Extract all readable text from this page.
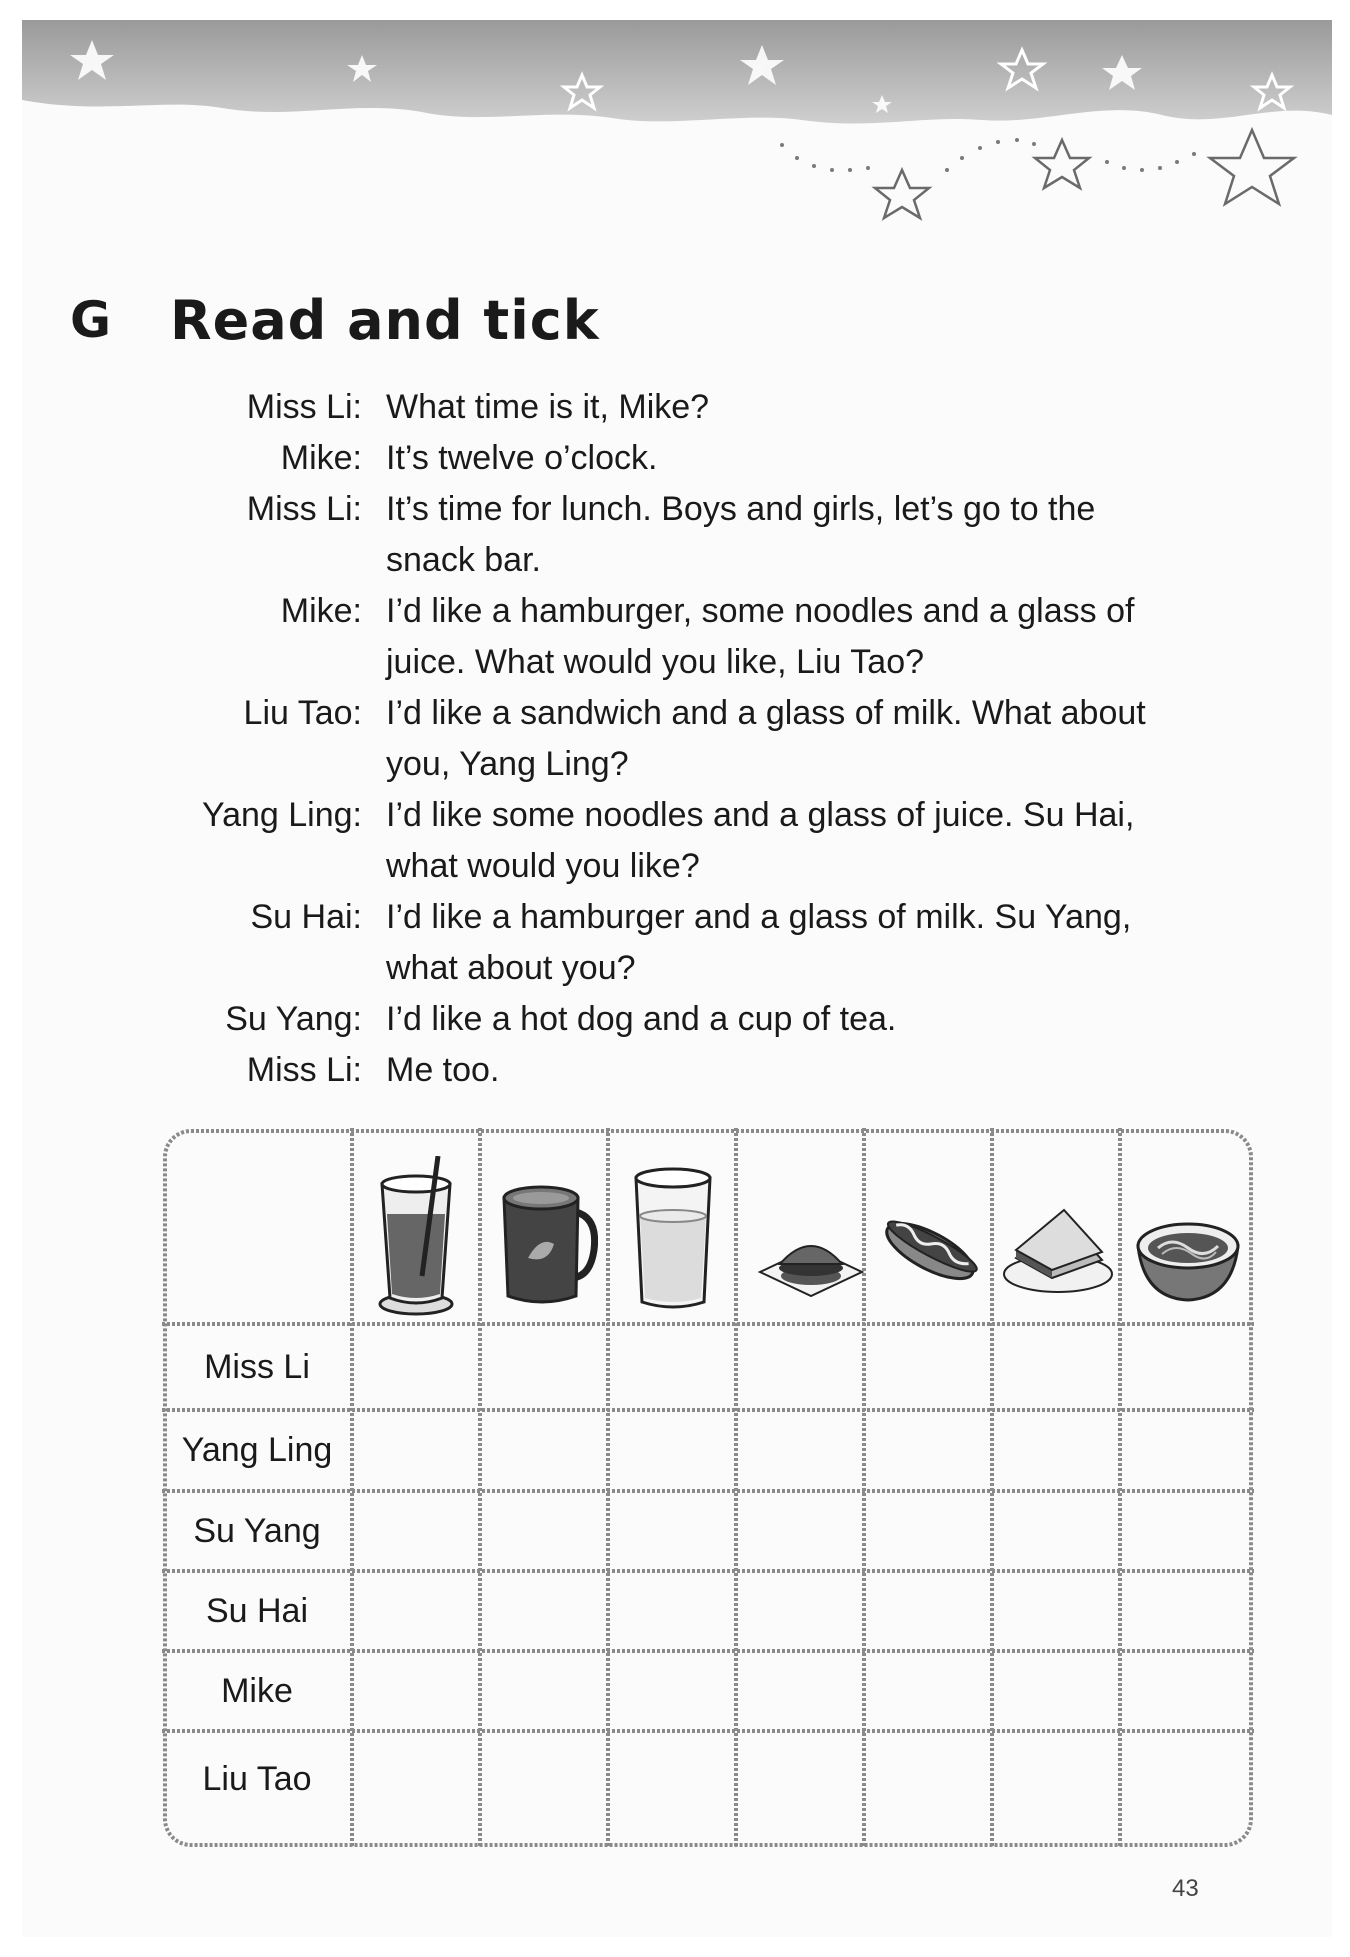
G	Read and tick
Miss Li: What time is it, Mike?
Mike: It’s twelve o’clock.
Miss Li: It’s time for lunch. Boys and girls, let’s go to the
snack bar.
Mike: I’d like a hamburger, some noodles and a glass of
juice. What would you like, Liu Tao?
Liu Tao: I’d like a sandwich and a glass of milk. What about
you, Yang Ling?
Yang Ling: I’d like some noodles and a glass of juice. Su Hai,
what would you like?
Su Hai: I’d like a hamburger and a glass of milk. Su Yang,
what about you?
Su Yang: I’d like a hot dog and a cup of tea.
Miss Li: Me too.
Miss Li
Yang Ling
Su Yang
Su Hai
Mike
Liu Tao
43
